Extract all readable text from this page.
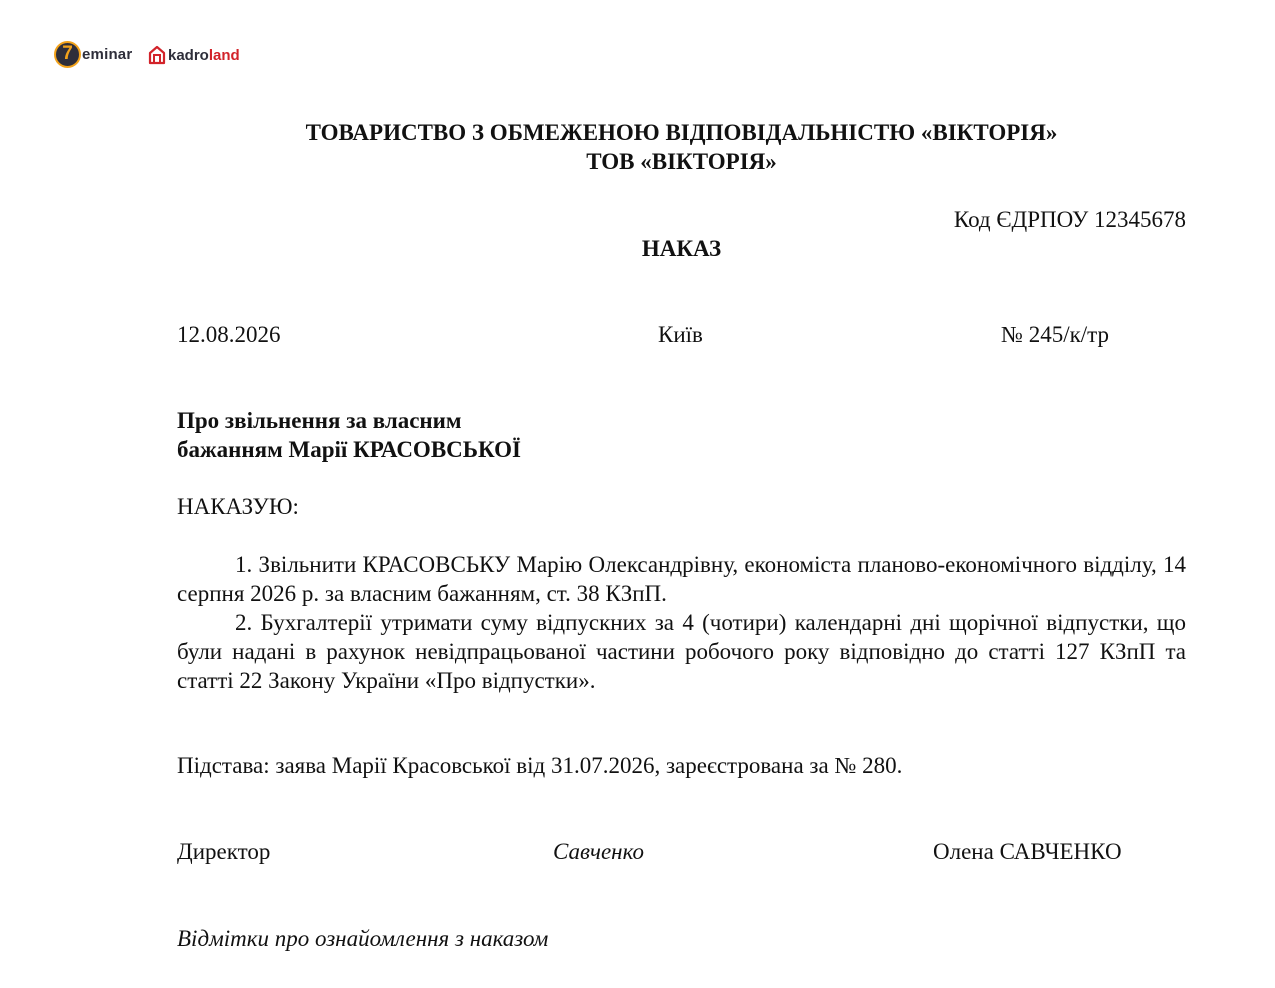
7 eminar kadroland
ТОВАРИСТВО З ОБМЕЖЕНОЮ ВІДПОВІДАЛЬНІСТЮ «ВІКТОРІЯ»
ТОВ «ВІКТОРІЯ»
Код ЄДРПОУ 12345678
НАКАЗ
12.08.2026	Київ	№ 245/к/тр
Про звільнення за власним
бажанням Марії КРАСОВСЬКОЇ
НАКАЗУЮ:

1. Звільнити КРАСОВСЬКУ Марію Олександрівну, економіста планово-економічного відділу, 14 серпня 2026 р. за власним бажанням, ст. 38 КЗпП.

2. Бухгалтерії утримати суму відпускних за 4 (чотири) календарні дні щорічної відпустки, що були надані в рахунок невідпрацьованої частини робочого року відповідно до статті 127 КЗпП та статті 22 Закону України «Про відпустки».

Підстава: заява Марії Красовської від 31.07.2026, зареєстрована за № 280.
Директор	Савченко	Олена САВЧЕНКО
Відмітки про ознайомлення з наказом
